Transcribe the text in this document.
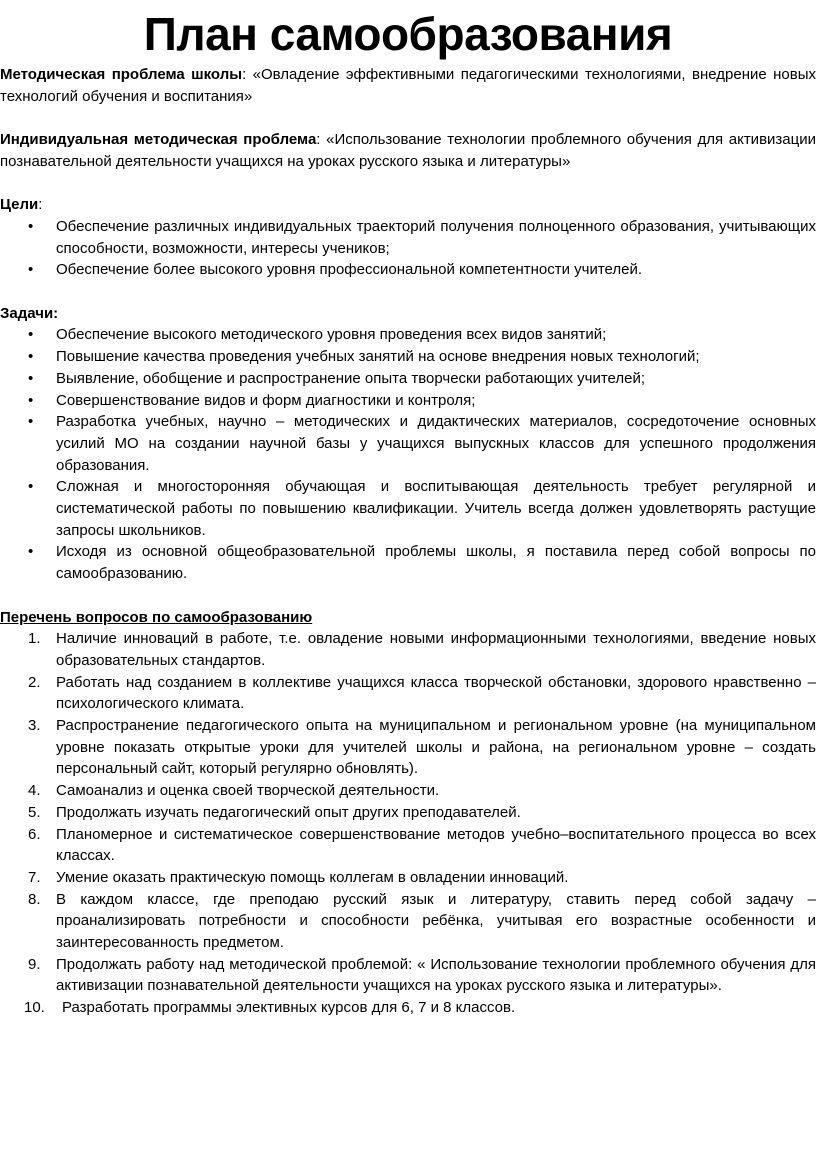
План самообразования

Методическая проблема школы: «Овладение эффективными педагогическими технологиями, внедрение новых технологий обучения и воспитания»

Индивидуальная методическая проблема: «Использование технологии проблемного обучения для активизации познавательной деятельности учащихся на уроках русского языка и литературы»

Цели:

• Обеспечение различных индивидуальных траекторий получения полноценного образования, учитывающих способности, возможности, интересы учеников;
• Обеспечение более высокого уровня профессиональной компетентности учителей.

Задачи:

• Обеспечение высокого методического уровня проведения всех видов занятий;
• Повышение качества проведения учебных занятий на основе внедрения новых технологий;
• Выявление, обобщение и распространение опыта творчески работающих учителей;
• Совершенствование видов и форм диагностики и контроля;
• Разработка учебных, научно – методических и дидактических материалов, сосредоточение основных усилий МО на создании научной базы у учащихся выпускных классов для успешного продолжения образования.
• Сложная и многосторонняя обучающая и воспитывающая деятельность требует регулярной и систематической работы по повышению квалификации. Учитель всегда должен удовлетворять растущие запросы школьников.
• Исходя из основной общеобразовательной проблемы школы, я поставила перед собой вопросы по самообразованию.

Перечень вопросов по самообразованию

1. Наличие инноваций в работе, т.е. овладение новыми информационными технологиями, введение новых образовательных стандартов.
2. Работать над созданием в коллективе учащихся класса творческой обстановки, здорового нравственно – психологического климата.
3. Распространение педагогического опыта на муниципальном и региональном уровне (на муниципальном уровне показать открытые уроки для учителей школы и района, на региональном уровне – создать персональный сайт, который регулярно обновлять).
4. Самоанализ и оценка своей творческой деятельности.
5. Продолжать изучать педагогический опыт других преподавателей.
6. Планомерное и систематическое совершенствование методов учебно–воспитательного процесса во всех классах.
7. Умение оказать практическую помощь коллегам в овладении инноваций.
8. В каждом классе, где преподаю русский язык и литературу, ставить перед собой задачу – проанализировать потребности и способности ребёнка, учитывая его возрастные особенности и заинтересованность предметом.
9. Продолжать работу над методической проблемой: « Использование технологии проблемного обучения для активизации познавательной деятельности учащихся на уроках русского языка и литературы».
10. Разработать программы элективных курсов для 6, 7 и 8 классов.
